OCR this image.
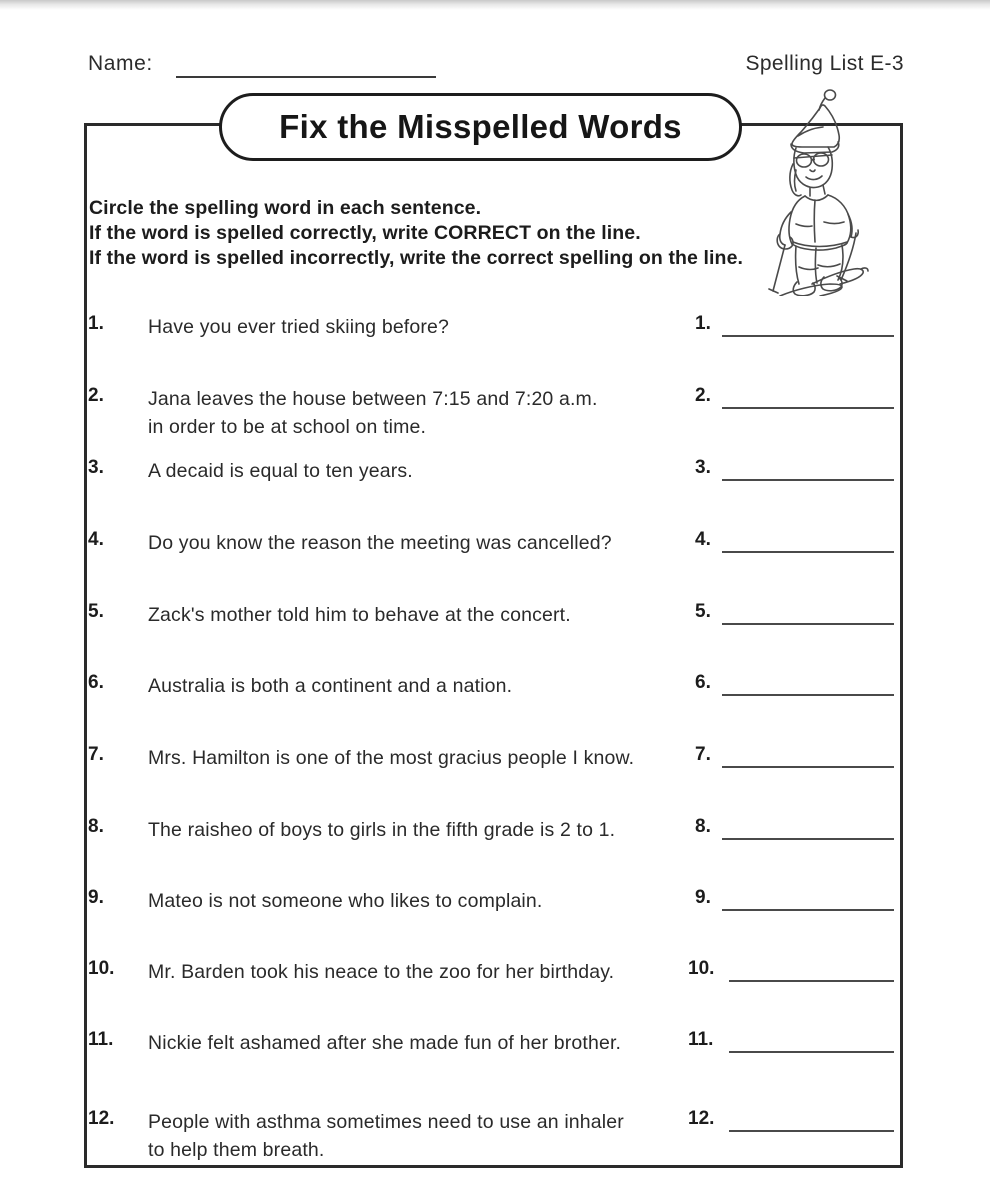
Name:	Spelling List E-3
Fix the Misspelled Words
Circle the spelling word in each sentence.
If the word is spelled correctly, write CORRECT on the line.
If the word is spelled incorrectly, write the correct spelling on the line.
1.	Have you ever tried skiing before?	1.
2.	Jana leaves the house between 7:15 and 7:20 a.m.
in order to be at school on time.
2.
3.	A decaid is equal to ten years.	3.
4.	Do you know the reason the meeting was cancelled?	4.
5.	Zack's mother told him to behave at the concert.	5.
6.	Australia is both a continent and a nation.	6.
7.	Mrs. Hamilton is one of the most gracius people I know.	7.
8.	The raisheo of boys to girls in the fifth grade is 2 to 1.	8.
9.	Mateo is not someone who likes to complain.	9.
10.	Mr. Barden took his neace to the zoo for her birthday.	10.
11.	Nickie felt ashamed after she made fun of her brother.	11.
12.	People with asthma sometimes need to use an inhaler
to help them breath.
12.
